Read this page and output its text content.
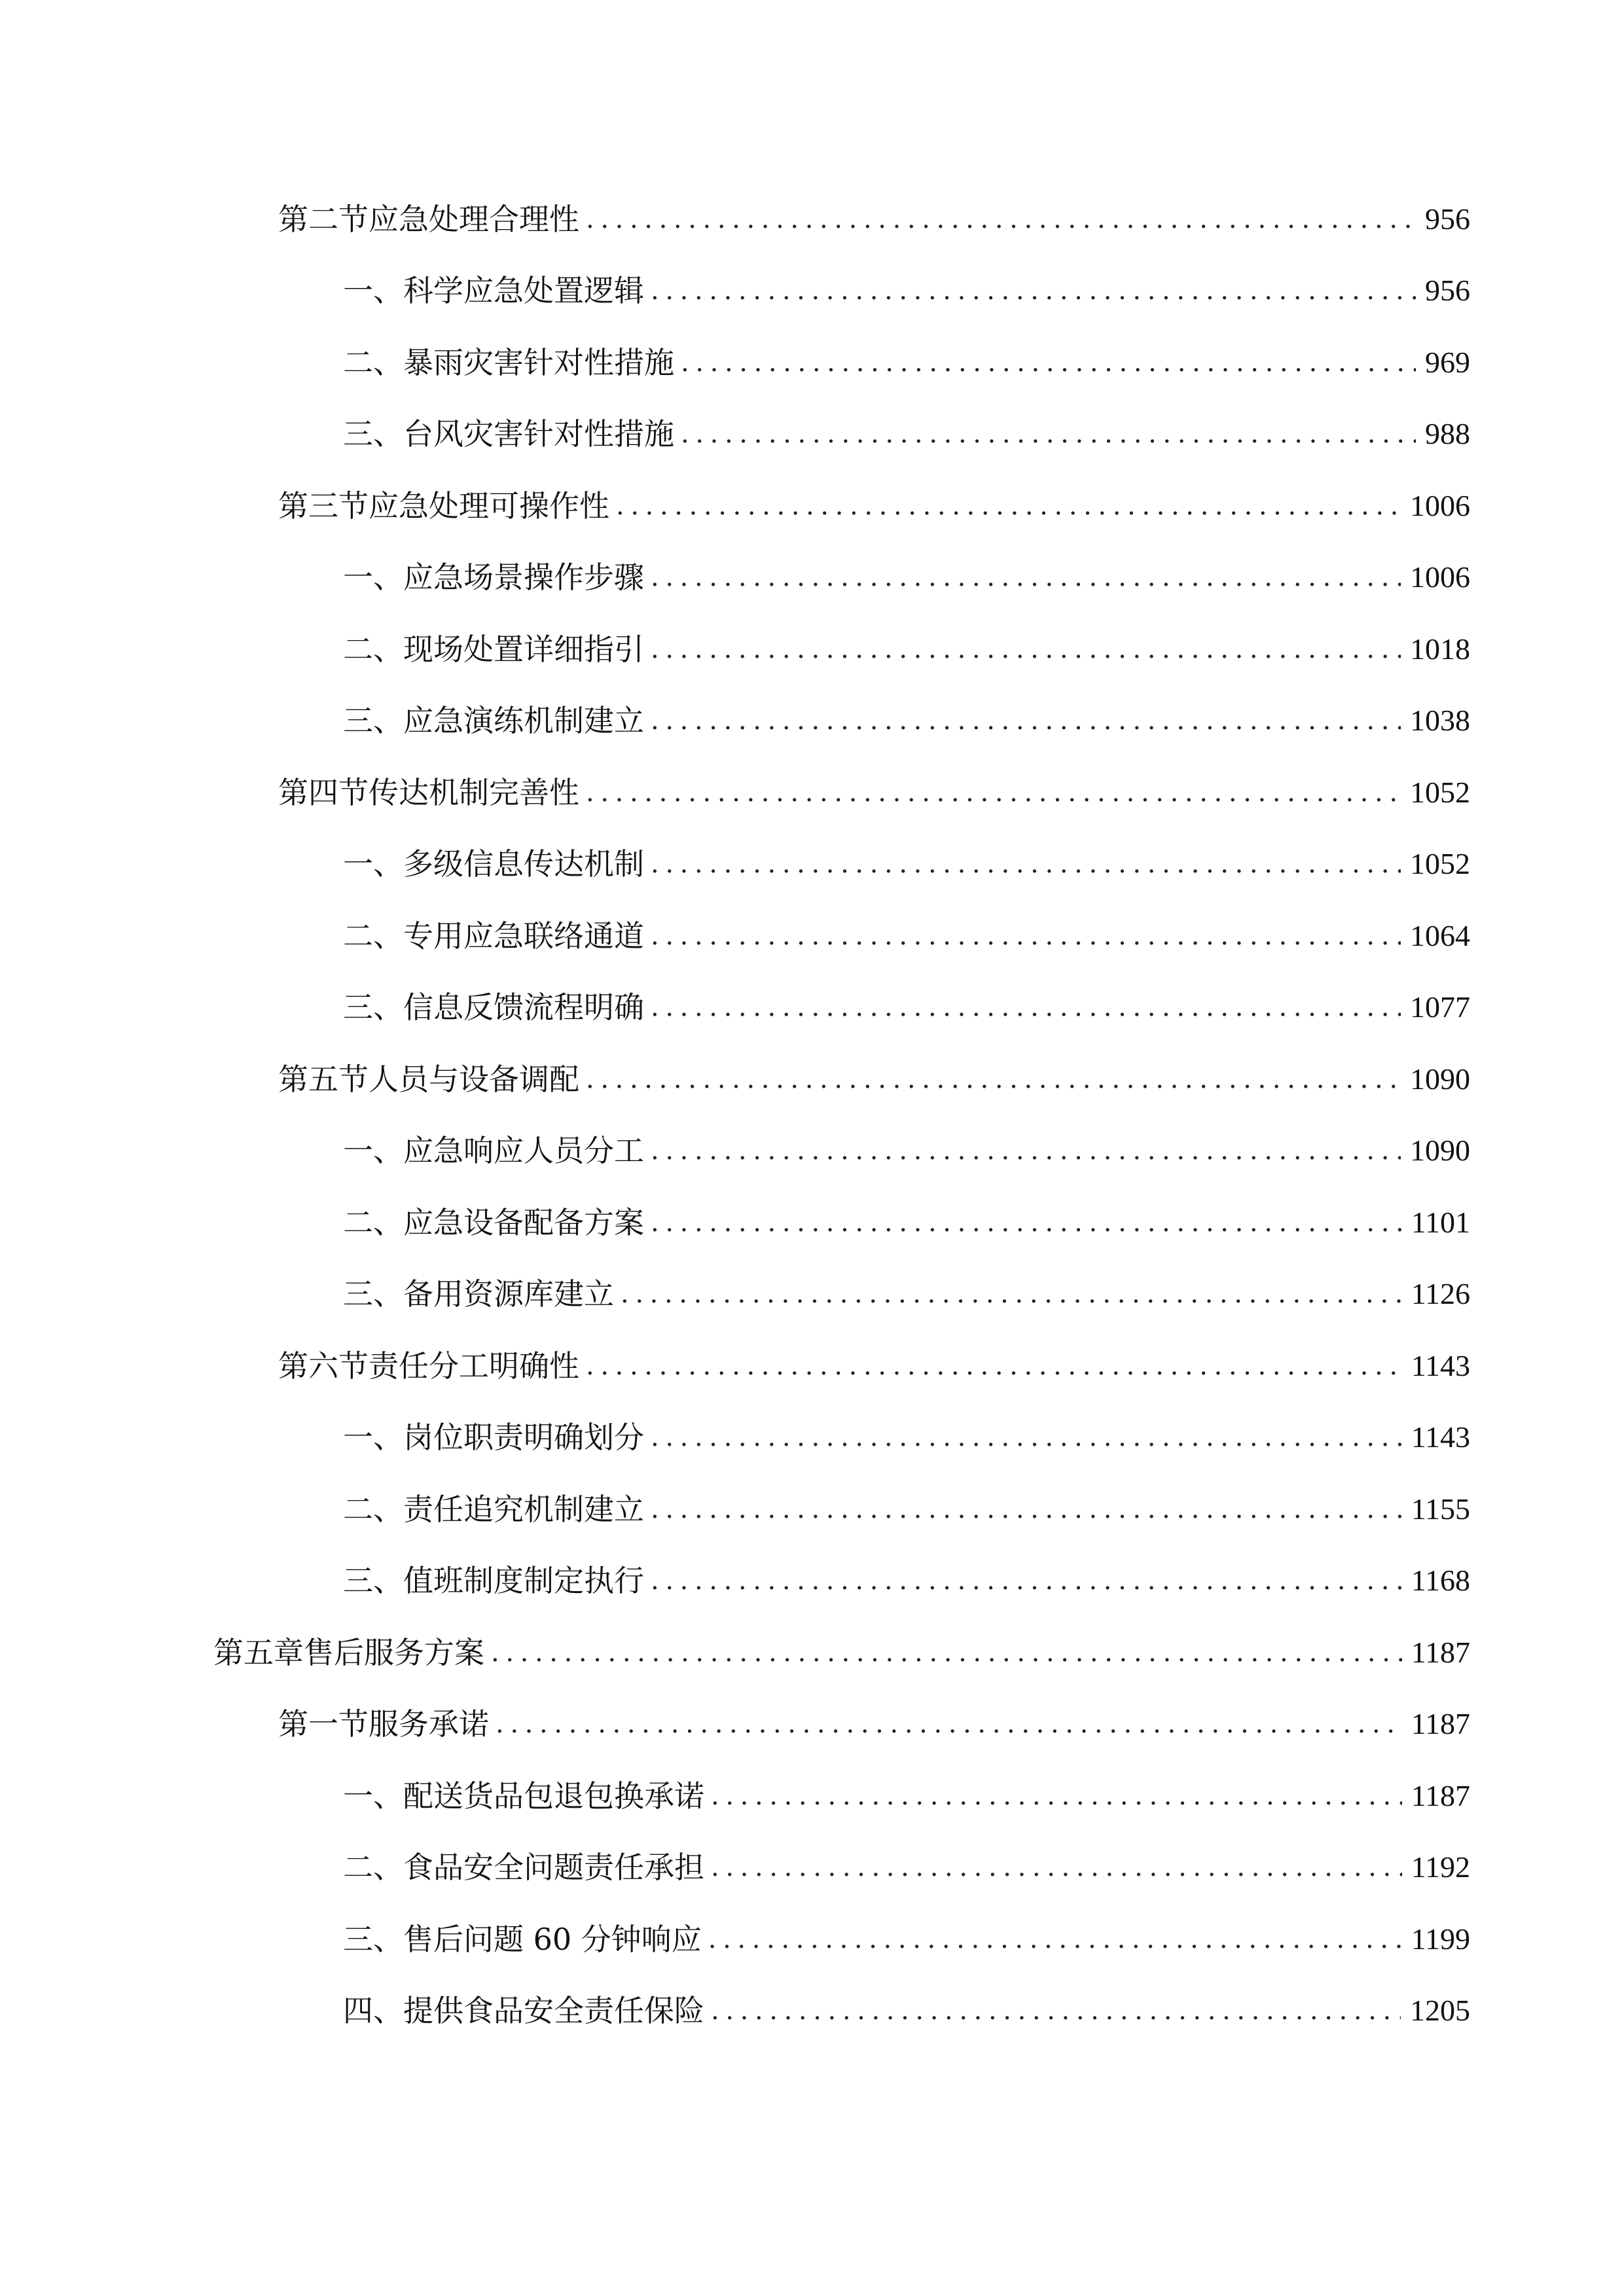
第二节 应急处理合理性 .....	956
一、 科学应急处置逻辑 .....	956
二、 暴雨灾害针对性措施 .....	969
三、 台风灾害针对性措施 .....	988
第三节 应急处理可操作性 .....	1006
一、 应急场景操作步骤 .....	1006
二、 现场处置详细指引 .....	1018
三、 应急演练机制建立 .....	1038
第四节 传达机制完善性 .....	1052
一、 多级信息传达机制 .....	1052
二、 专用应急联络通道 .....	1064
三、 信息反馈流程明确 .....	1077
第五节 人员与设备调配 .....	1090
一、 应急响应人员分工 .....	1090
二、 应急设备配备方案 .....	1101
三、 备用资源库建立 .....	1126
第六节 责任分工明确性 .....	1143
一、 岗位职责明确划分 .....	1143
二、 责任追究机制建立 .....	1155
三、 值班制度制定执行 .....	1168
第五章 售后服务方案 .....	1187
第一节 服务承诺 .....	1187
一、 配送货品包退包换承诺 .....	1187
二、 食品安全问题责任承担 .....	1192
三、 售后问题 60 分钟响应 .....	1199
四、 提供食品安全责任保险 .....	1205
